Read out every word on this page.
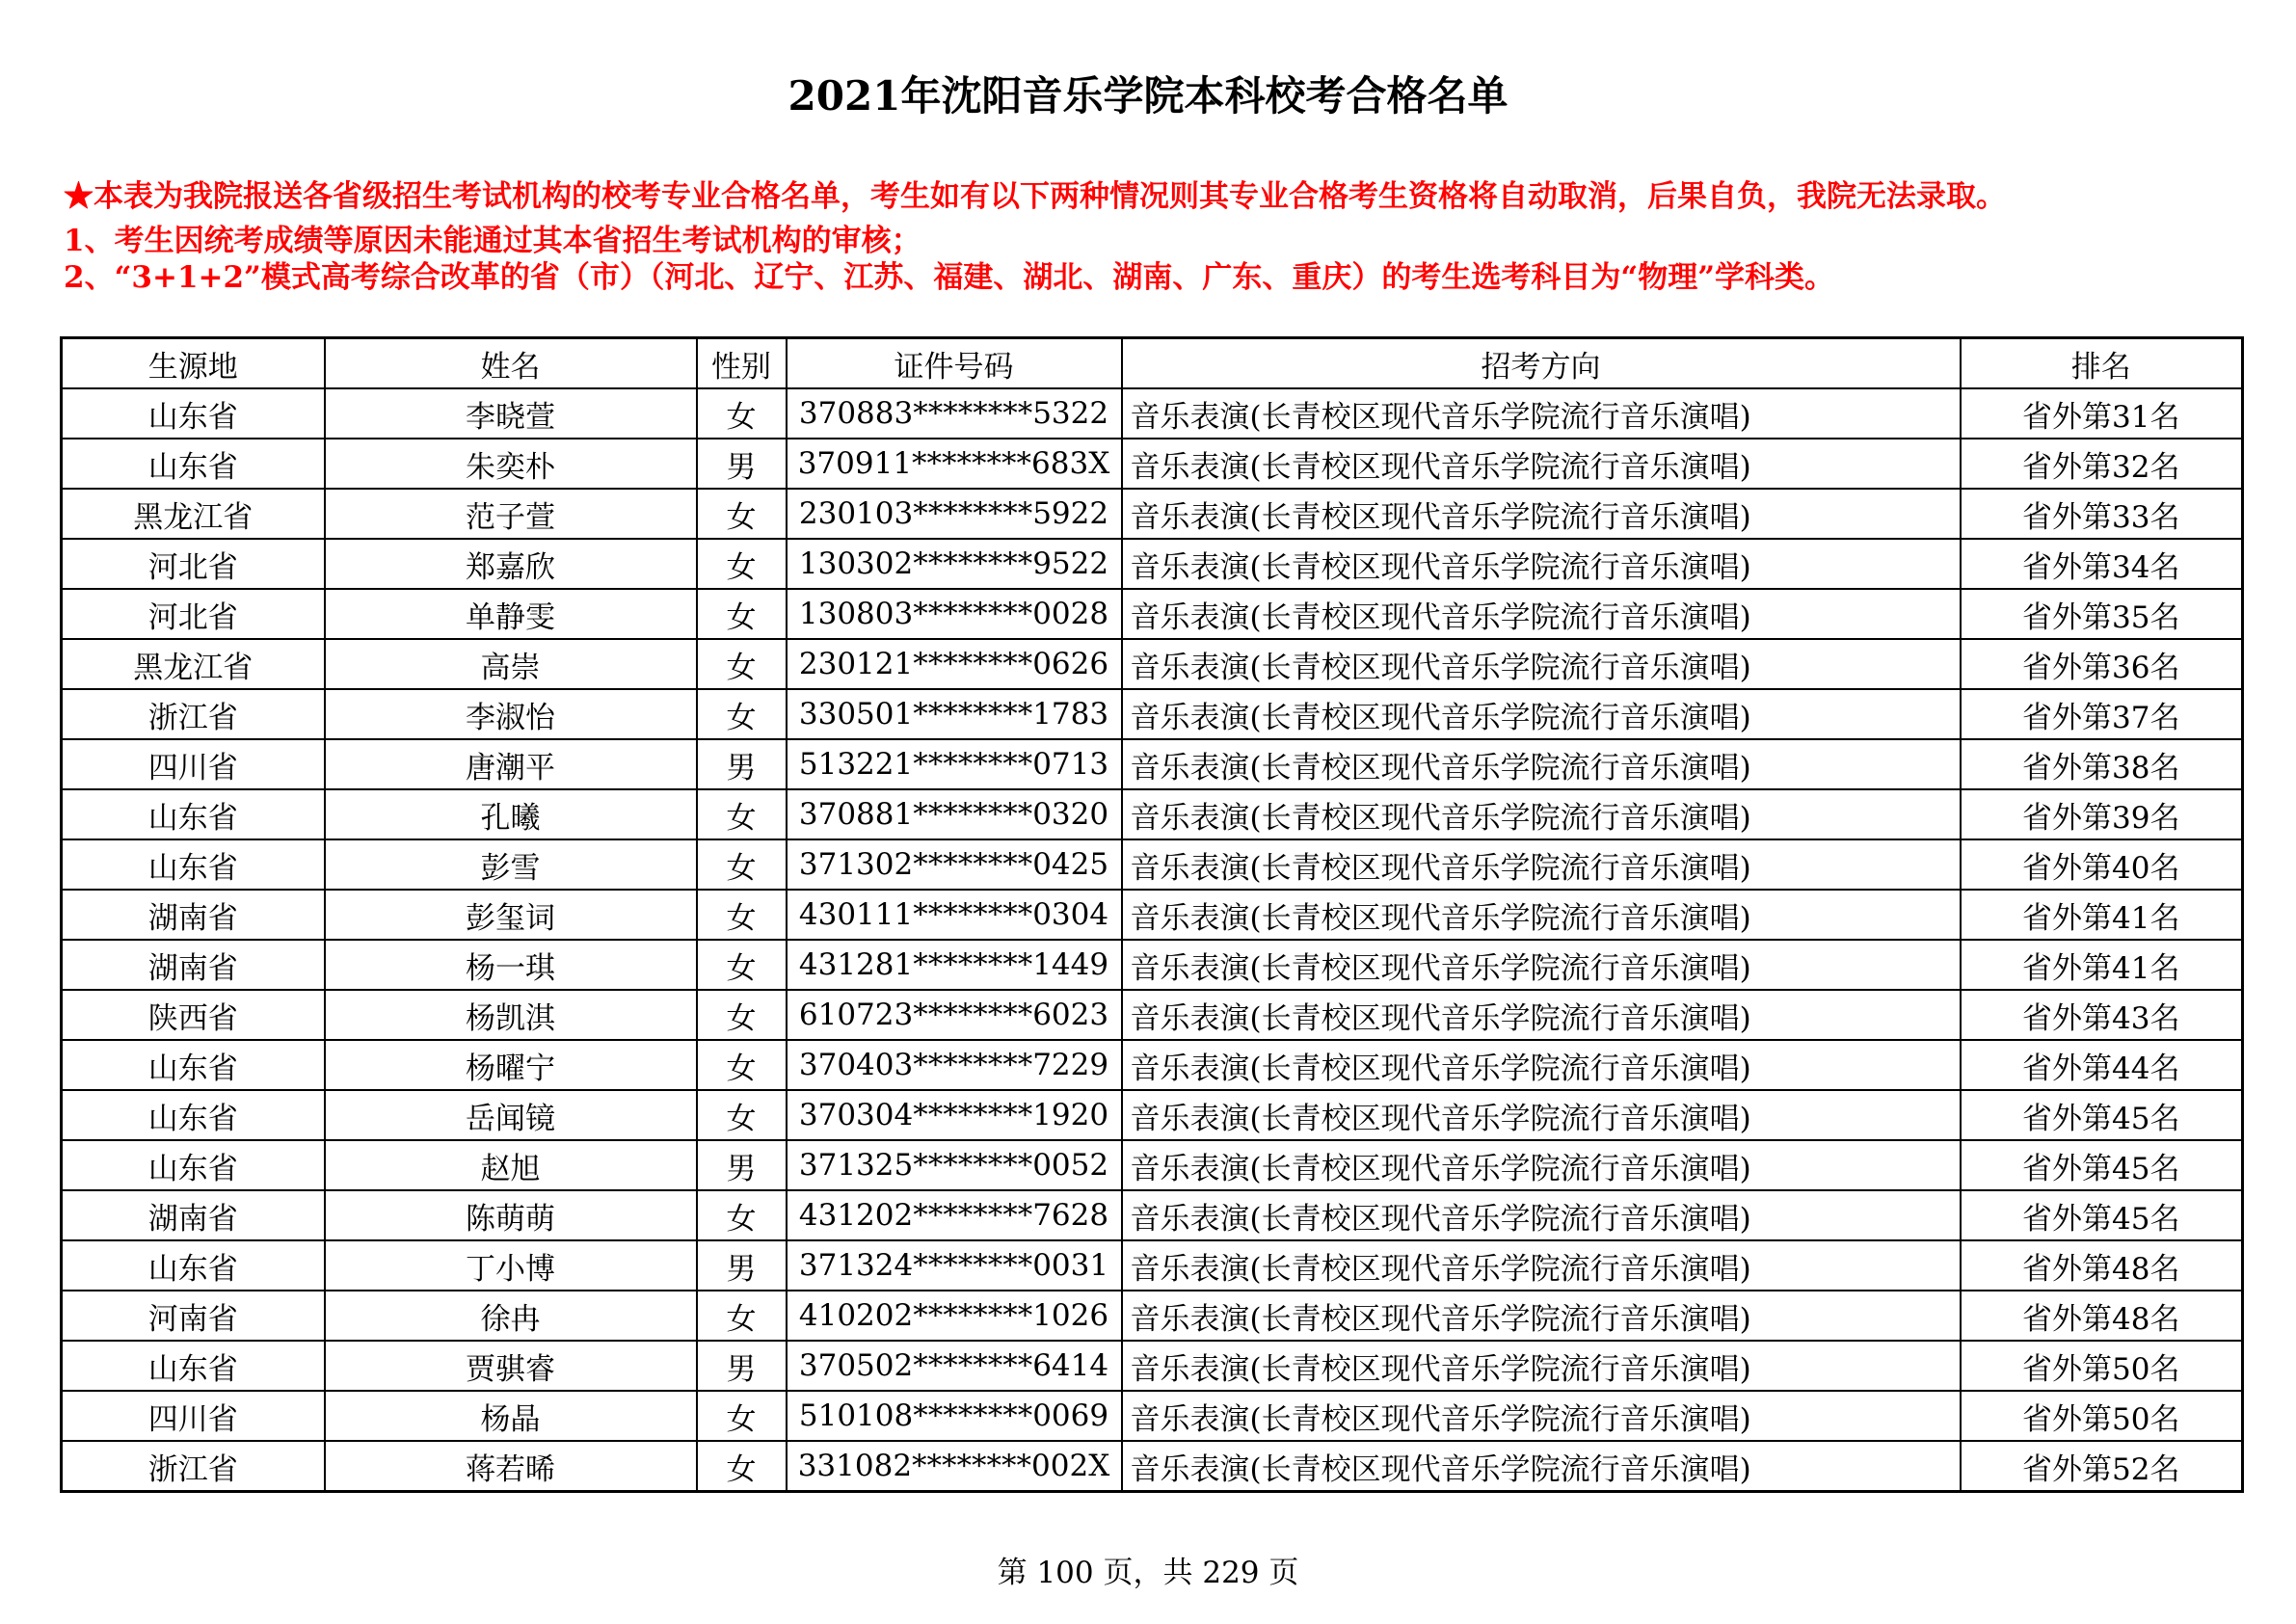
2021年沈阳音乐学院本科校考合格名单
★本表为我院报送各省级招生考试机构的校考专业合格名单，考生如有以下两种情况则其专业合格考生资格将自动取消，后果自负，我院无法录取。
1、考生因统考成绩等原因未能通过其本省招生考试机构的审核；
2、“3+1+2”模式高考综合改革的省（市）（河北、辽宁、江苏、福建、湖北、湖南、广东、重庆）的考生选考科目为“物理”学科类。
生源地	姓名	性别	证件号码	招考方向	排名
山东省	李晓萱	女	370883********5322	音乐表演(长青校区现代音乐学院流行音乐演唱)	省外第31名
山东省	朱奕朴	男	370911********683X	音乐表演(长青校区现代音乐学院流行音乐演唱)	省外第32名
黑龙江省	范子萱	女	230103********5922	音乐表演(长青校区现代音乐学院流行音乐演唱)	省外第33名
河北省	郑嘉欣	女	130302********9522	音乐表演(长青校区现代音乐学院流行音乐演唱)	省外第34名
河北省	单静雯	女	130803********0028	音乐表演(长青校区现代音乐学院流行音乐演唱)	省外第35名
黑龙江省	高崇	女	230121********0626	音乐表演(长青校区现代音乐学院流行音乐演唱)	省外第36名
浙江省	李淑怡	女	330501********1783	音乐表演(长青校区现代音乐学院流行音乐演唱)	省外第37名
四川省	唐潮平	男	513221********0713	音乐表演(长青校区现代音乐学院流行音乐演唱)	省外第38名
山东省	孔曦	女	370881********0320	音乐表演(长青校区现代音乐学院流行音乐演唱)	省外第39名
山东省	彭雪	女	371302********0425	音乐表演(长青校区现代音乐学院流行音乐演唱)	省外第40名
湖南省	彭玺词	女	430111********0304	音乐表演(长青校区现代音乐学院流行音乐演唱)	省外第41名
湖南省	杨一琪	女	431281********1449	音乐表演(长青校区现代音乐学院流行音乐演唱)	省外第41名
陕西省	杨凯淇	女	610723********6023	音乐表演(长青校区现代音乐学院流行音乐演唱)	省外第43名
山东省	杨曜宁	女	370403********7229	音乐表演(长青校区现代音乐学院流行音乐演唱)	省外第44名
山东省	岳闻镜	女	370304********1920	音乐表演(长青校区现代音乐学院流行音乐演唱)	省外第45名
山东省	赵旭	男	371325********0052	音乐表演(长青校区现代音乐学院流行音乐演唱)	省外第45名
湖南省	陈萌萌	女	431202********7628	音乐表演(长青校区现代音乐学院流行音乐演唱)	省外第45名
山东省	丁小博	男	371324********0031	音乐表演(长青校区现代音乐学院流行音乐演唱)	省外第48名
河南省	徐冉	女	410202********1026	音乐表演(长青校区现代音乐学院流行音乐演唱)	省外第48名
山东省	贾骐睿	男	370502********6414	音乐表演(长青校区现代音乐学院流行音乐演唱)	省外第50名
四川省	杨晶	女	510108********0069	音乐表演(长青校区现代音乐学院流行音乐演唱)	省外第50名
浙江省	蒋若晞	女	331082********002X	音乐表演(长青校区现代音乐学院流行音乐演唱)	省外第52名
第 100 页，共 229 页
